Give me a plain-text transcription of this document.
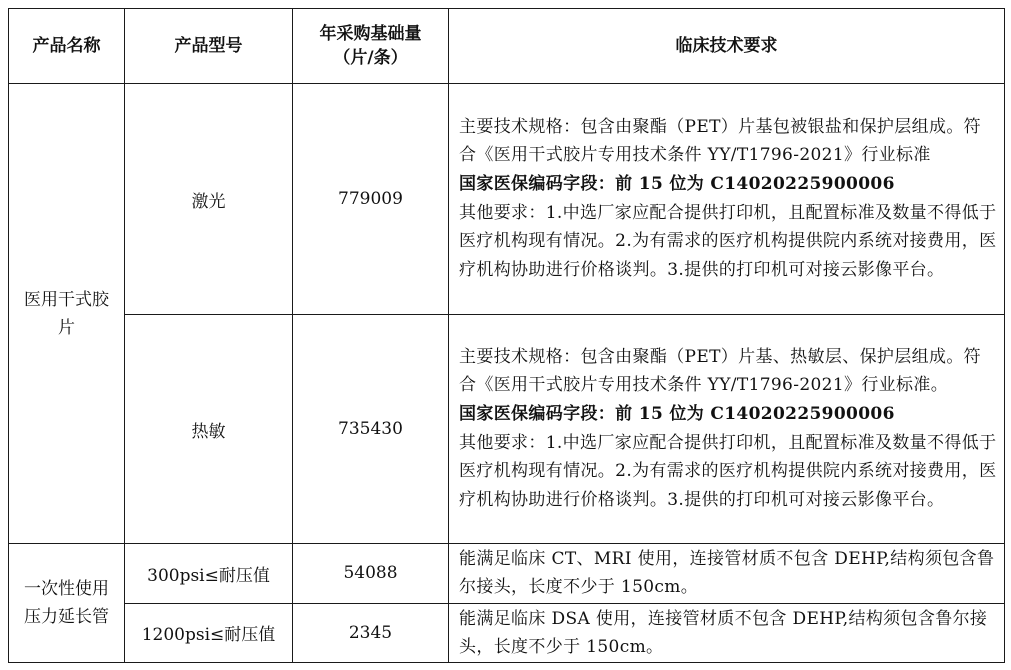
产品名称	产品型号	年采购基础量（片/条）	临床技术要求
医用干式胶片	激光	779009	主要技术规格：包含由聚酯（PET）片基包被银盐和保护层组成。符合《医用干式胶片专用技术条件 YY/T1796-2021》行业标准
国家医保编码字段：前 15 位为 C14020225900006
其他要求：1.中选厂家应配合提供打印机，且配置标准及数量不得低于医疗机构现有情况。2.为有需求的医疗机构提供院内系统对接费用，医疗机构协助进行价格谈判。3.提供的打印机可对接云影像平台。

	热敏	735430	主要技术规格：包含由聚酯（PET）片基、热敏层、保护层组成。符合《医用干式胶片专用技术条件 YY/T1796-2021》行业标准。
国家医保编码字段：前 15 位为 C14020225900006
其他要求：1.中选厂家应配合提供打印机，且配置标准及数量不得低于医疗机构现有情况。2.为有需求的医疗机构提供院内系统对接费用，医疗机构协助进行价格谈判。3.提供的打印机可对接云影像平台。

一次性使用压力延长管	300psi≤耐压值	54088	能满足临床 CT、MRI 使用，连接管材质不包含 DEHP,结构须包含鲁尔接头，长度不少于 150cm。
	1200psi≤耐压值	2345	能满足临床 DSA 使用，连接管材质不包含 DEHP,结构须包含鲁尔接头，长度不少于 150cm。
